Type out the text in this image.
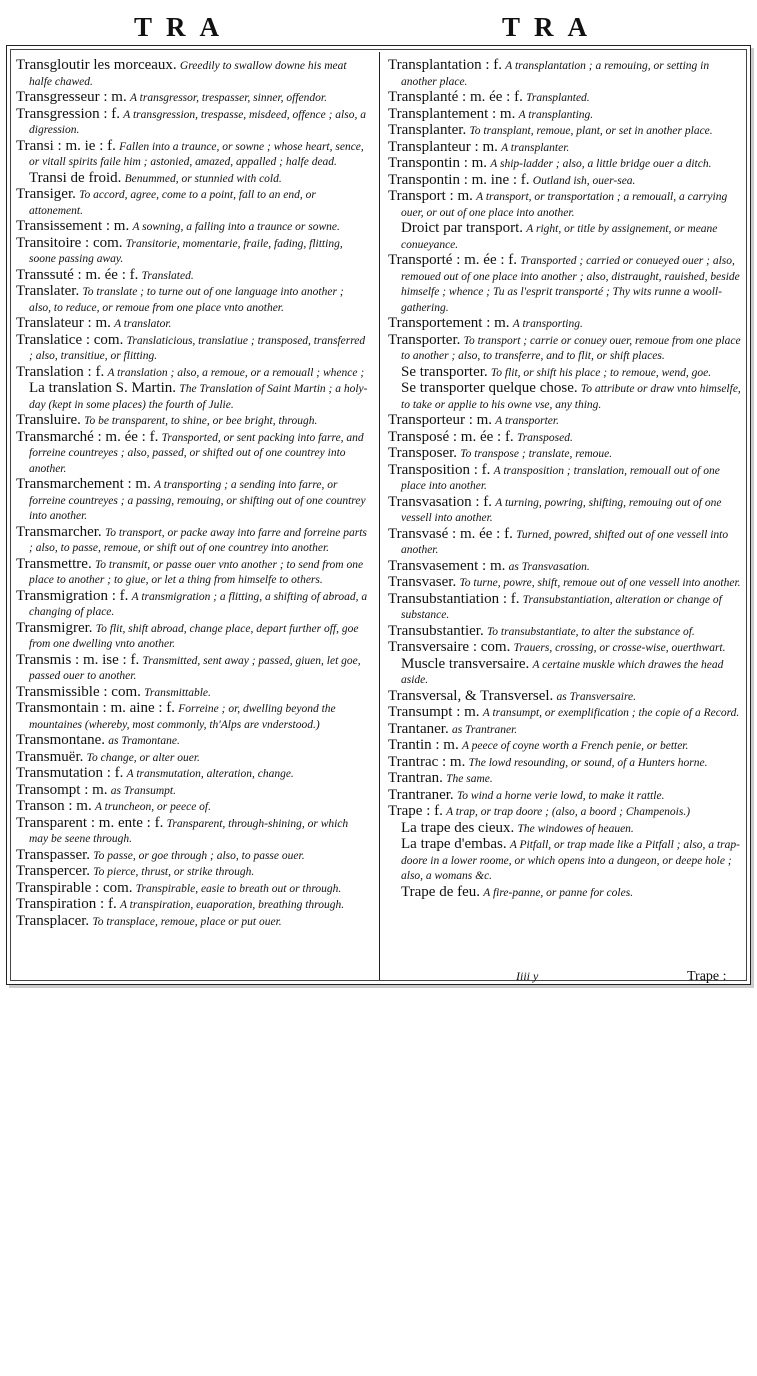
TRA	TRA
Transgloutir les morceaux. Greedily to swallow downe his meat halfe chawed.
Transgresseur : m. A transgressor, trespasser, sinner, offendor.
Transgression : f. A transgression, trespasse, misdeed, offence ; also, a digression.
Transi : m. ie : f. Fallen into a traunce, or sowne ; whose heart, sence, or vitall spirits faile him ; astonied, amazed, appalled ; halfe dead.
Transi de froid. Benummed, or stunnied with cold.
Transiger. To accord, agree, come to a point, fall to an end, or attonement.
Transissement : m. A sowning, a falling into a traunce or sowne.
Transitoire : com. Transitorie, momentarie, fraile, fading, flitting, soone passing away.
Transsuté : m. ée : f. Translated.
Translater. To translate ; to turne out of one language into another ; also, to reduce, or remoue from one place vnto another.
Translateur : m. A translator.
Translatice : com. Translaticious, translatiue ; transposed, transferred ; also, transitiue, or flitting.
Translation : f. A translation ; also, a remoue, or a remouall ; whence ;
La translation S. Martin. The Translation of Saint Martin ; a holy-day (kept in some places) the fourth of Julie.
Transluire. To be transparent, to shine, or bee bright, through.
Transmarché : m. ée : f. Transported, or sent packing into farre, and forreine countreyes ; also, passed, or shifted out of one countrey into another.
Transmarchement : m. A transporting ; a sending into farre, or forreine countreyes ; a passing, remouing, or shifting out of one countrey into another.
Transmarcher. To transport, or packe away into farre and forreine parts ; also, to passe, remoue, or shift out of one countrey into another.
Transmettre. To transmit, or passe ouer vnto another ; to send from one place to another ; to giue, or let a thing from himselfe to others.
Transmigration : f. A transmigration ; a flitting, a shifting of abroad, a changing of place.
Transmigrer. To flit, shift abroad, change place, depart further off, goe from one dwelling vnto another.
Transmis : m. ise : f. Transmitted, sent away ; passed, giuen, let goe, passed ouer to another.
Transmissible : com. Transmittable.
Transmontain : m. aine : f. Forreine ; or, dwelling beyond the mountaines (whereby, most commonly, th'Alps are vnderstood.)
Transmontane. as Tramontane.
Transmuër. To change, or alter ouer.
Transmutation : f. A transmutation, alteration, change.
Transompt : m. as Transumpt.
Transon : m. A truncheon, or peece of.
Transparent : m. ente : f. Transparent, through-shining, or which may be seene through.
Transpasser. To passe, or goe through ; also, to passe ouer.
Transpercer. To pierce, thrust, or strike through.
Transpirable : com. Transpirable, easie to breath out or through.
Transpiration : f. A transpiration, euaporation, breathing through.
Transplacer. To transplace, remoue, place or put ouer.
Transplantation : f. A transplantation ; a remouing, or setting in another place.
Transplanté : m. ée : f. Transplanted.
Transplantement : m. A transplanting.
Transplanter. To transplant, remoue, plant, or set in another place.
Transplanteur : m. A transplanter.
Transpontin : m. A ship-ladder ; also, a little bridge ouer a ditch.
Transpontin : m. ine : f. Outland ish, ouer-sea.
Transport : m. A transport, or transportation ; a remouall, a carrying ouer, or out of one place into another.
Droict par transport. A right, or title by assignement, or meane conueyance.
Transporté : m. ée : f. Transported ; carried or conueyed ouer ; also, remoued out of one place into another ; also, distraught, rauished, beside himselfe ; whence ; Tu as l'esprit transporté ; Thy wits runne a wooll-gathering.
Transportement : m. A transporting.
Transporter. To transport ; carrie or conuey ouer, remoue from one place to another ; also, to transferre, and to flit, or shift places.
Se transporter. To flit, or shift his place ; to remoue, wend, goe.
Se transporter quelque chose. To attribute or draw vnto himselfe, to take or applie to his owne vse, any thing.
Transporteur : m. A transporter.
Transposé : m. ée : f. Transposed.
Transposer. To transpose ; translate, remoue.
Transposition : f. A transposition ; translation, remouall out of one place into another.
Transvasation : f. A turning, powring, shifting, remouing out of one vessell into another.
Transvasé : m. ée : f. Turned, powred, shifted out of one vessell into another.
Transvasement : m. as Transvasation.
Transvaser. To turne, powre, shift, remoue out of one vessell into another.
Transubstantiation : f. Transubstantiation, alteration or change of substance.
Transubstantier. To transubstantiate, to alter the substance of.
Transversaire : com. Trauers, crossing, or crosse-wise, ouerthwart.
Muscle transversaire. A certaine muskle which drawes the head aside.
Transversal, & Transversel. as Transversaire.
Transumpt : m. A transumpt, or exemplification ; the copie of a Record.
Trantaner. as Trantraner.
Trantin : m. A peece of coyne worth a French penie, or better.
Trantrac : m. The lowd resounding, or sound, of a Hunters horne.
Trantran. The same.
Trantraner. To wind a horne verie lowd, to make it rattle.
Trape : f. A trap, or trap doore ; (also, a boord ; Champenois.)
La trape des cieux. The windowes of heauen.
La trape d'embas. A Pitfall, or trap made like a Pitfall ; also, a trap-doore in a lower roome, or which opens into a dungeon, or deepe hole ; also, a womans &c.
Trape de feu. A fire-panne, or panne for coles.
Iiii y	Trape :
